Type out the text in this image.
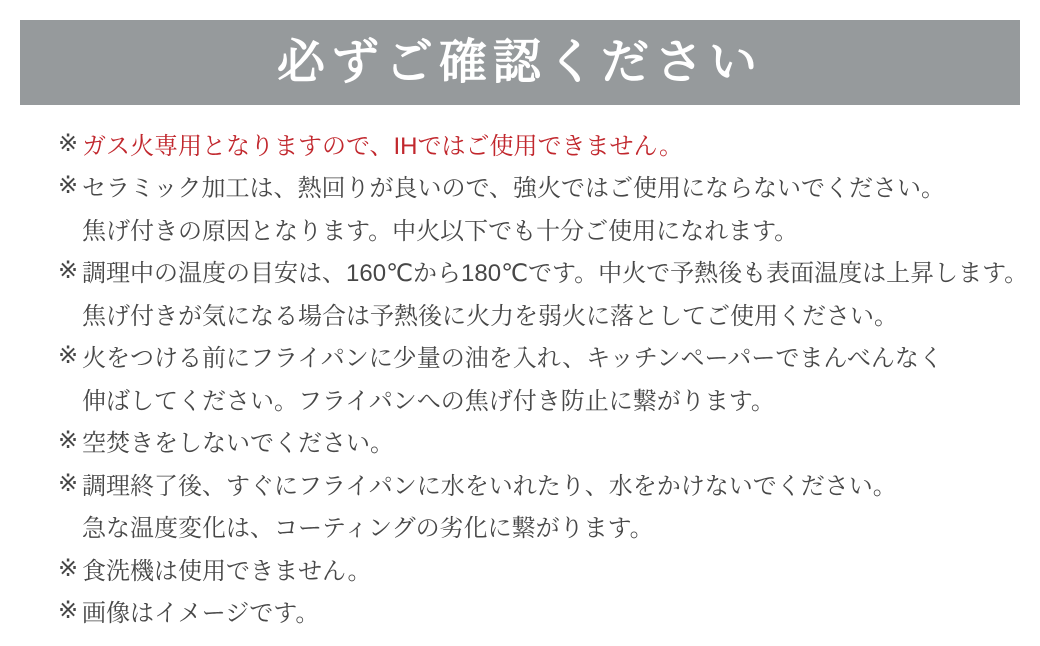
必ずご確認ください
※ ガス火専用となりますので、IHではご使用できません。
※ セラミック加工は、熱回りが良いので、強火ではご使用にならないでください。
焦げ付きの原因となります。中火以下でも十分ご使用になれます。
※ 調理中の温度の目安は、160℃から180℃です。中火で予熱後も表面温度は上昇します。
焦げ付きが気になる場合は予熱後に火力を弱火に落としてご使用ください。
※ 火をつける前にフライパンに少量の油を入れ、キッチンペーパーでまんべんなく
伸ばしてください。フライパンへの焦げ付き防止に繋がります。
※ 空焚きをしないでください。
※ 調理終了後、すぐにフライパンに水をいれたり、水をかけないでください。
急な温度変化は、コーティングの劣化に繋がります。
※ 食洗機は使用できません。
※ 画像はイメージです。
